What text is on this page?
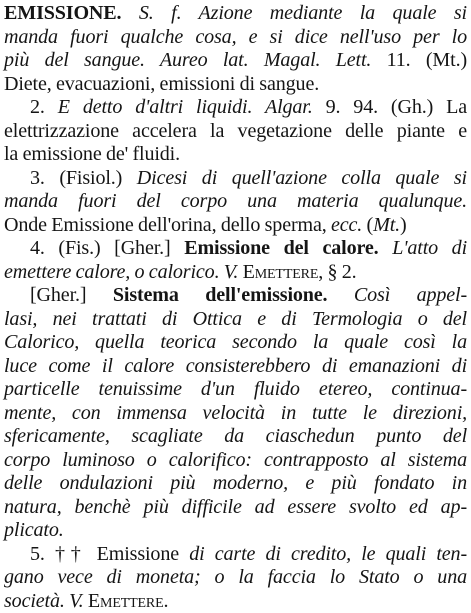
EMISSIONE. S. f. Azione mediante la quale si
manda fuori qualche cosa, e si dice nell'uso per lo
più del sangue. Aureo lat. Magal. Lett. 11. (Mt.)
Diete, evacuazioni, emissioni di sangue.
2. E detto d'altri liquidi. Algar. 9. 94. (Gh.) La
elettrizzazione accelera la vegetazione delle piante e
la emissione de' fluidi.
3. (Fisiol.) Dicesi di quell'azione colla quale si
manda fuori del corpo una materia qualunque.
Onde Emissione dell'orina, dello sperma, ecc. (Mt.)
4. (Fis.) [Gher.] Emissione del calore. L'atto di
emettere calore, o calorico. V. Emettere, § 2.
[Gher.] Sistema dell'emissione. Così appel-
lasi, nei trattati di Ottica e di Termologia o del
Calorico, quella teorica secondo la quale così la
luce come il calore consisterebbero di emanazioni di
particelle tenuissime d'un fluido etereo, continua-
mente, con immensa velocità in tutte le direzioni,
sfericamente, scagliate da ciaschedun punto del
corpo luminoso o calorifico: contrapposto al sistema
delle ondulazioni più moderno, e più fondato in
natura, benchè più difficile ad essere svolto ed ap-
plicato.
5. †† Emissione di carte di credito, le quali ten-
gano vece di moneta; o la faccia lo Stato o una
società. V. Emettere.
